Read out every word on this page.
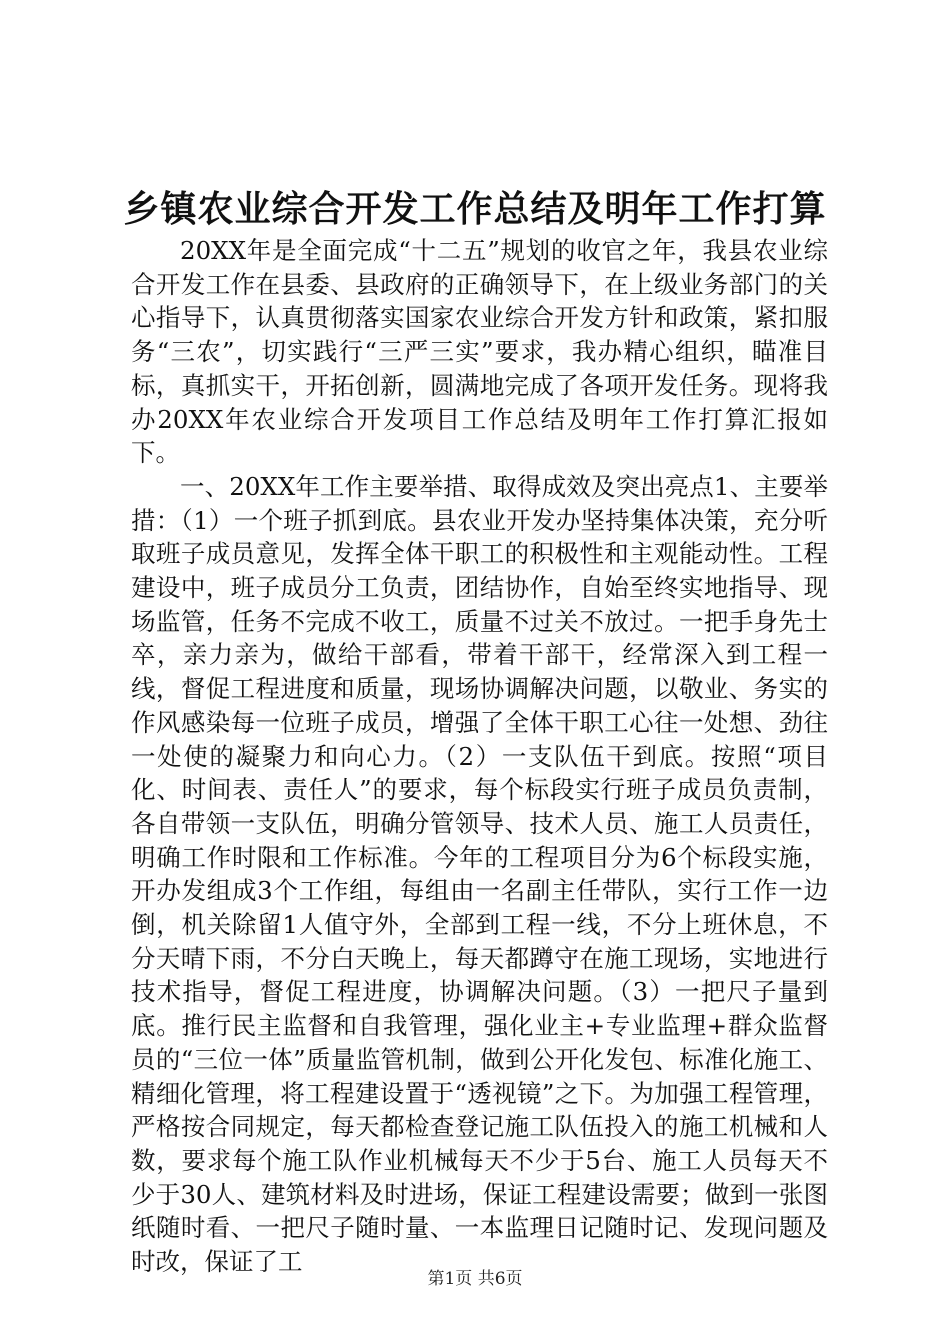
乡镇农业综合开发工作总结及明年工作打算

20XX年是全面完成“十二五”规划的收官之年，我县农业综合开发工作在县委、县政府的正确领导下，在上级业务部门的关心指导下，认真贯彻落实国家农业综合开发方针和政策，紧扣服务“三农”，切实践行“三严三实”要求，我办精心组织，瞄准目标，真抓实干，开拓创新，圆满地完成了各项开发任务。现将我办20XX年农业综合开发项目工作总结及明年工作打算汇报如下。

一、20XX年工作主要举措、取得成效及突出亮点1、主要举措：（1）一个班子抓到底。县农业开发办坚持集体决策，充分听取班子成员意见，发挥全体干职工的积极性和主观能动性。工程建设中，班子成员分工负责，团结协作，自始至终实地指导、现场监管，任务不完成不收工，质量不过关不放过。一把手身先士卒，亲力亲为，做给干部看，带着干部干，经常深入到工程一线，督促工程进度和质量，现场协调解决问题，以敬业、务实的作风感染每一位班子成员，增强了全体干职工心往一处想、劲往一处使的凝聚力和向心力。（2）一支队伍干到底。按照“项目化、时间表、责任人”的要求，每个标段实行班子成员负责制，各自带领一支队伍，明确分管领导、技术人员、施工人员责任，明确工作时限和工作标准。今年的工程项目分为6个标段实施，开办发组成3个工作组，每组由一名副主任带队，实行工作一边倒，机关除留1人值守外，全部到工程一线，不分上班休息，不分天晴下雨，不分白天晚上，每天都蹲守在施工现场，实地进行技术指导，督促工程进度，协调解决问题。（3）一把尺子量到底。推行民主监督和自我管理，强化业主+专业监理+群众监督员的“三位一体”质量监管机制，做到公开化发包、标准化施工、精细化管理，将工程建设置于“透视镜”之下。为加强工程管理，严格按合同规定，每天都检查登记施工队伍投入的施工机械和人数，要求每个施工队作业机械每天不少于5台、施工人员每天不少于30人、建筑材料及时进场，保证工程建设需要；做到一张图纸随时看、一把尺子随时量、一本监理日记随时记、发现问题及时改，保证了工

第1页 共6页
